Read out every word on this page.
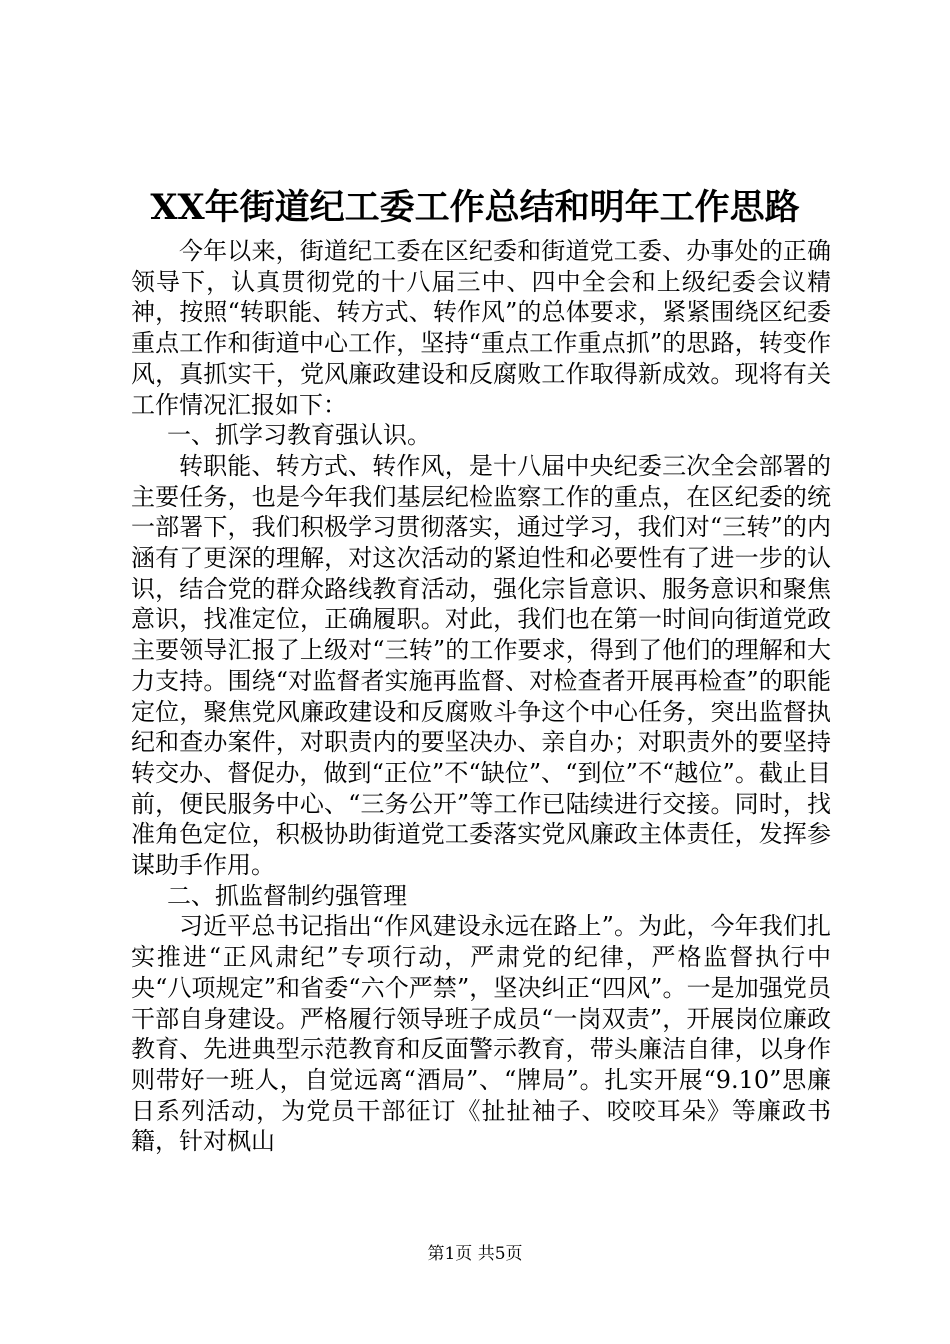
XX年街道纪工委工作总结和明年工作思路

今年以来，街道纪工委在区纪委和街道党工委、办事处的正确领导下，认真贯彻党的十八届三中、四中全会和上级纪委会议精神，按照“转职能、转方式、转作风”的总体要求，紧紧围绕区纪委重点工作和街道中心工作，坚持“重点工作重点抓”的思路，转变作风，真抓实干，党风廉政建设和反腐败工作取得新成效。现将有关工作情况汇报如下：

一、抓学习教育强认识。

转职能、转方式、转作风，是十八届中央纪委三次全会部署的主要任务，也是今年我们基层纪检监察工作的重点，在区纪委的统一部署下，我们积极学习贯彻落实，通过学习，我们对“三转”的内涵有了更深的理解，对这次活动的紧迫性和必要性有了进一步的认识，结合党的群众路线教育活动，强化宗旨意识、服务意识和聚焦意识，找准定位，正确履职。对此，我们也在第一时间向街道党政主要领导汇报了上级对“三转”的工作要求，得到了他们的理解和大力支持。围绕“对监督者实施再监督、对检查者开展再检查”的职能定位，聚焦党风廉政建设和反腐败斗争这个中心任务，突出监督执纪和查办案件，对职责内的要坚决办、亲自办；对职责外的要坚持转交办、督促办，做到“正位”不“缺位”、“到位”不“越位”。截止目前，便民服务中心、“三务公开”等工作已陆续进行交接。同时，找准角色定位，积极协助街道党工委落实党风廉政主体责任，发挥参谋助手作用。

二、抓监督制约强管理

习近平总书记指出“作风建设永远在路上”。为此，今年我们扎实推进“正风肃纪”专项行动，严肃党的纪律，严格监督执行中央“八项规定”和省委“六个严禁”，坚决纠正“四风”。一是加强党员干部自身建设。严格履行领导班子成员“一岗双责”，开展岗位廉政教育、先进典型示范教育和反面警示教育，带头廉洁自律，以身作则带好一班人，自觉远离“酒局”、“牌局”。扎实开展“9.10”思廉日系列活动，为党员干部征订《扯扯袖子、咬咬耳朵》等廉政书籍，针对枫山

第1页 共5页
